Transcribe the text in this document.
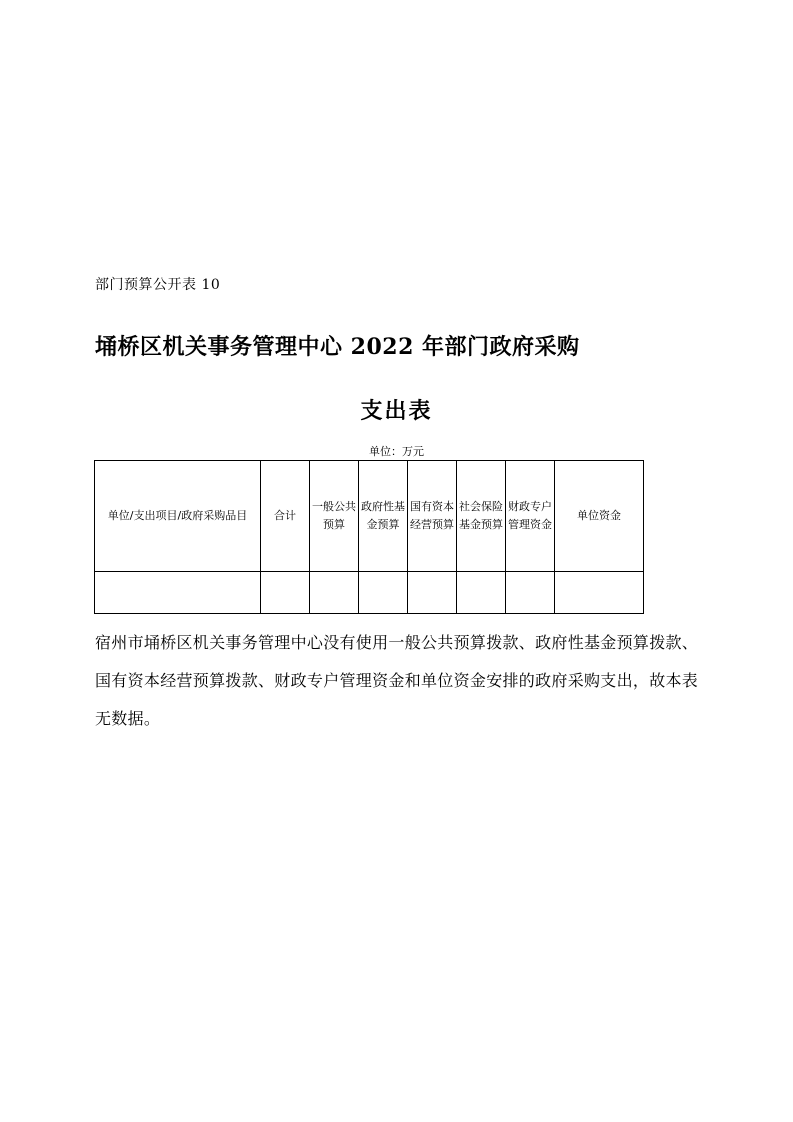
部门预算公开表 10
埇桥区机关事务管理中心 2022 年部门政府采购
支出表
单位：万元
单位/支出项目/政府采购品目	合计	一般公共预算	政府性基金预算	国有资本经营预算	社会保险基金预算	财政专户管理资金	单位资金

宿州市埇桥区机关事务管理中心没有使用一般公共预算拨款、政府性基金预算拨款、国有资本经营预算拨款、财政专户管理资金和单位资金安排的政府采购支出，故本表无数据。
